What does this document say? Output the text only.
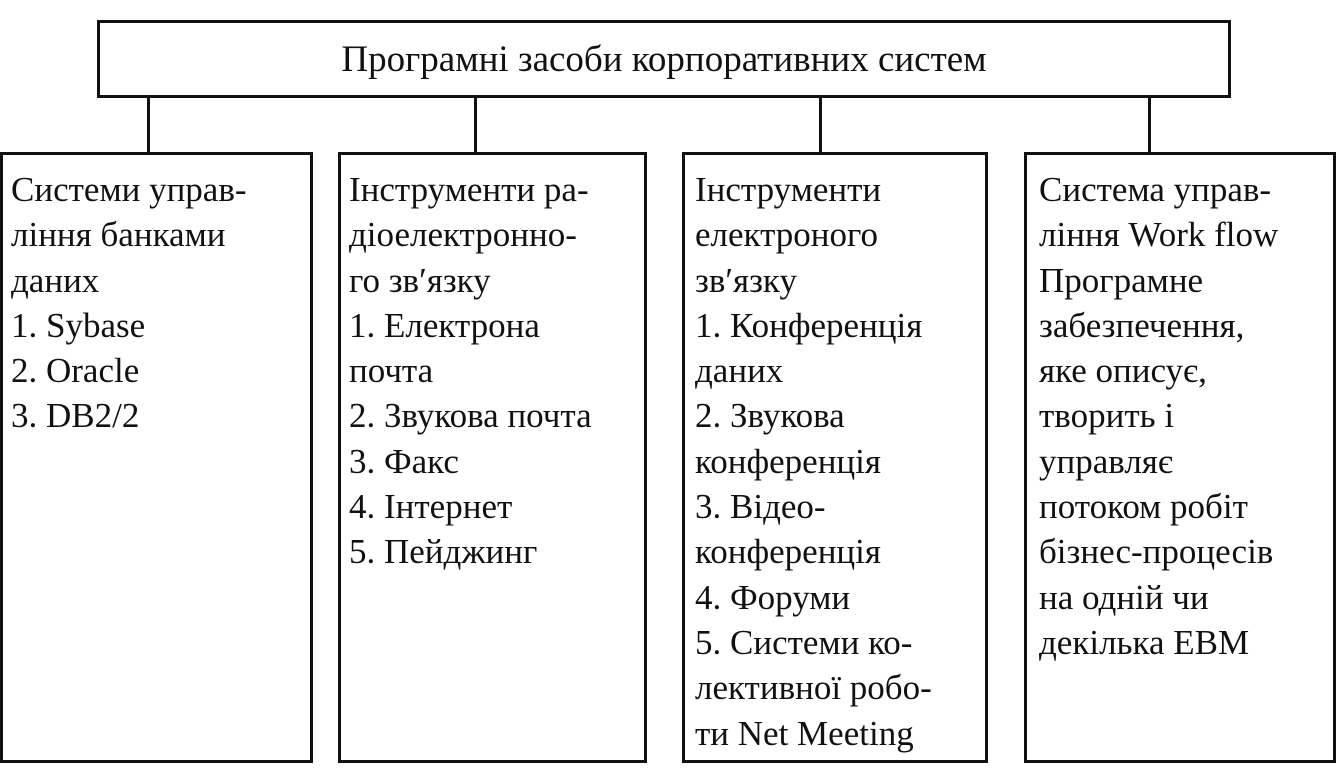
Програмні засоби корпоративних систем
Системи управ-
ління банками
даних
1. Sybase
2. Oracle
3. DB2/2
Інструменти ра-
діоелектронно-
го зв′язку
1. Електрона
почта
2. Звукова почта
3. Факс
4. Інтернет
5. Пейджинг
Інструменти
електроного
зв′язку
1. Конференція
даних
2. Звукова
конференція
3. Відео-
конференція
4. Форуми
5. Системи ко-
лективної робо-
ти Net Meeting
Система управ-
ління Work flow
Програмне
забезпечення,
яке описує,
творить і
управляє
потоком робіт
бізнес-процесів
на одній чи
декілька ЕВМ
